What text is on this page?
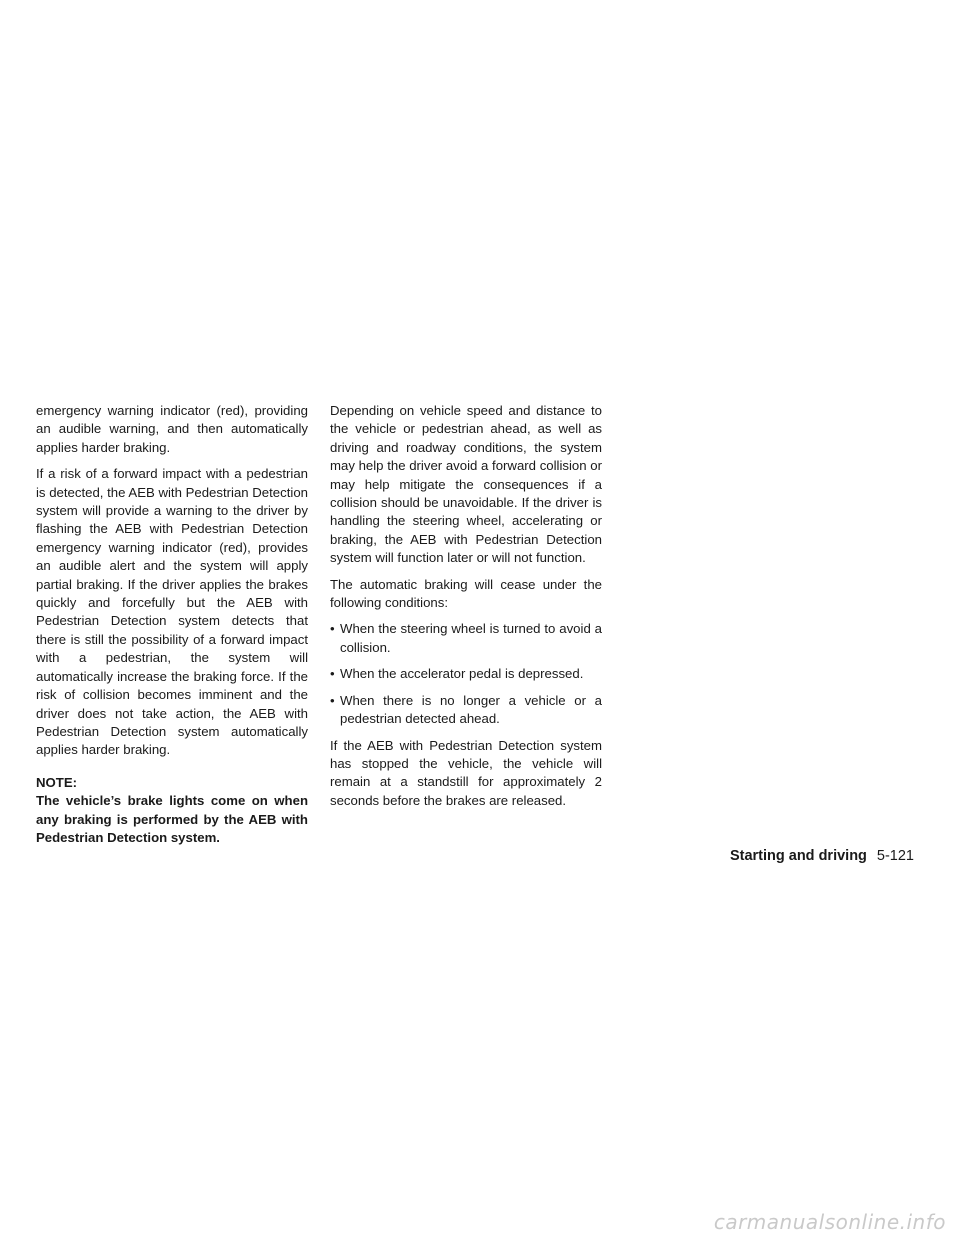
emergency warning indicator (red), providing an audible warning, and then automatically applies harder braking.

If a risk of a forward impact with a pedestrian is detected, the AEB with Pedestrian Detection system will provide a warning to the driver by flashing the AEB with Pedestrian Detection emergency warning indicator (red), provides an audible alert and the system will apply partial braking. If the driver applies the brakes quickly and forcefully but the AEB with Pedestrian Detection system detects that there is still the possibility of a forward impact with a pedestrian, the system will automatically increase the braking force. If the risk of collision becomes imminent and the driver does not take action, the AEB with Pedestrian Detection system automatically applies harder braking.

NOTE:

The vehicle’s brake lights come on when any braking is performed by the AEB with Pedestrian Detection system.

Depending on vehicle speed and distance to the vehicle or pedestrian ahead, as well as driving and roadway conditions, the system may help the driver avoid a forward collision or may help mitigate the consequences if a collision should be unavoidable. If the driver is handling the steering wheel, accelerating or braking, the AEB with Pedestrian Detection system will function later or will not function.

The automatic braking will cease under the following conditions:

• When the steering wheel is turned to avoid a collision.
• When the accelerator pedal is depressed.
• When there is no longer a vehicle or a pedestrian detected ahead.

If the AEB with Pedestrian Detection system has stopped the vehicle, the vehicle will remain at a standstill for approximately 2 seconds before the brakes are released.

Starting and driving 5-121
carmanualsonline.info
